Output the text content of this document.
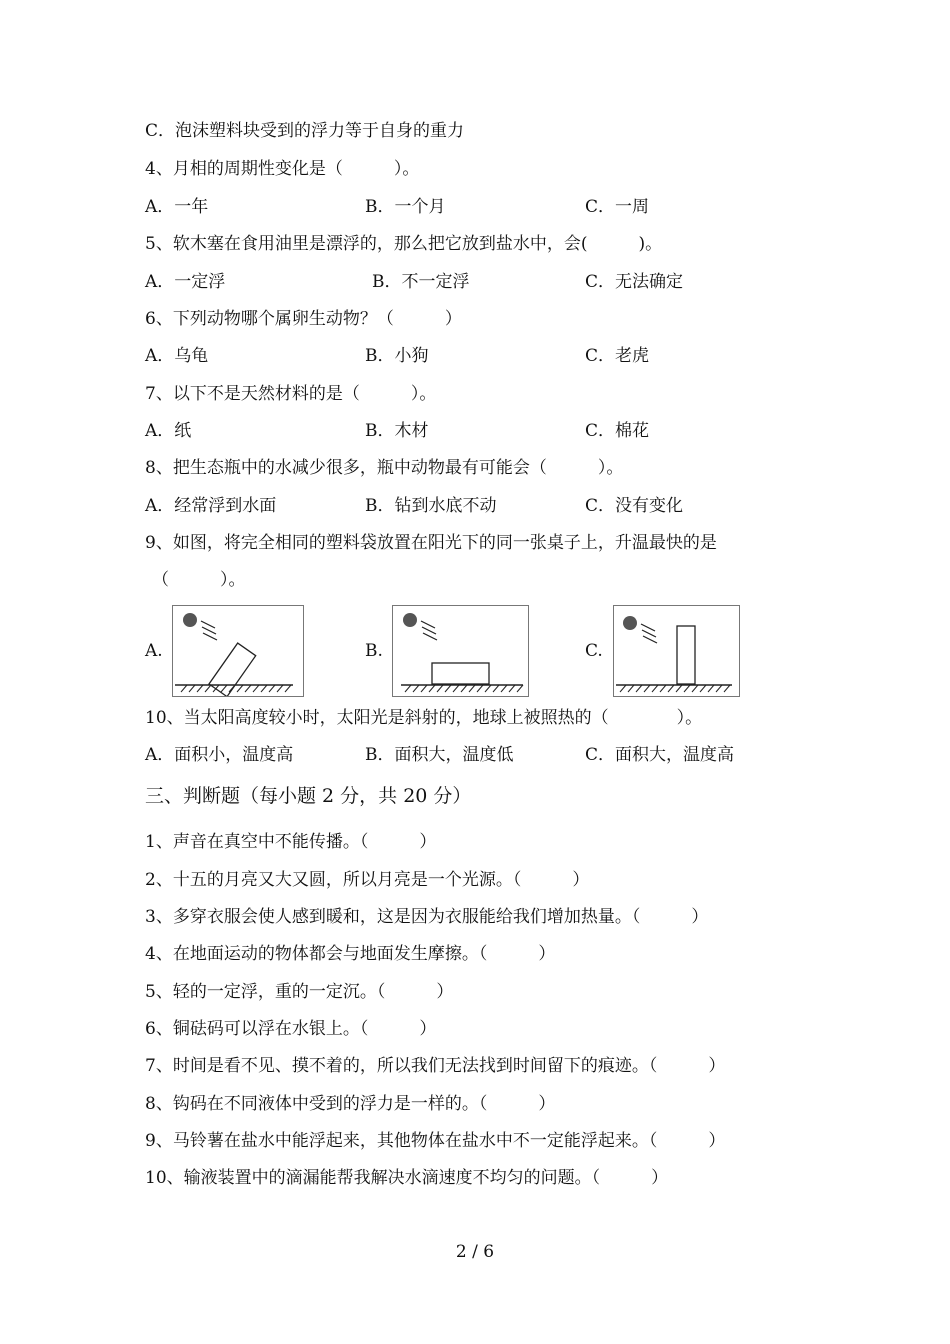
C．泡沫塑料块受到的浮力等于自身的重力
4、月相的周期性变化是（　　　）。
A．一年	B．一个月	C．一周
5、软木塞在食用油里是漂浮的，那么把它放到盐水中，会(　　　)。
A．一定浮	B．不一定浮	C．无法确定
6、下列动物哪个属卵生动物？（　　　）
A．乌龟	B．小狗	C．老虎
7、以下不是天然材料的是（　　　）。
A．纸	B．木材	C．棉花
8、把生态瓶中的水减少很多，瓶中动物最有可能会（　　　）。
A．经常浮到水面	B．钻到水底不动	C．没有变化
9、如图，将完全相同的塑料袋放置在阳光下的同一张桌子上，升温最快的是
（　　　）。
A.	B.	C.
10、当太阳高度较小时，太阳光是斜射的，地球上被照热的（　　　　）。
A．面积小，温度高	B．面积大，温度低	C．面积大，温度高
三、判断题（每小题 2 分，共 20 分）
1、声音在真空中不能传播。（　　　）
2、十五的月亮又大又圆，所以月亮是一个光源。（　　　）
3、多穿衣服会使人感到暖和，这是因为衣服能给我们增加热量。（　　　）
4、在地面运动的物体都会与地面发生摩擦。（　　　）
5、轻的一定浮，重的一定沉。（　　　）
6、铜砝码可以浮在水银上。（　　　）
7、时间是看不见、摸不着的，所以我们无法找到时间留下的痕迹。（　　　）
8、钩码在不同液体中受到的浮力是一样的。（　　　）
9、马铃薯在盐水中能浮起来，其他物体在盐水中不一定能浮起来。（　　　）
10、输液装置中的滴漏能帮我解决水滴速度不均匀的问题。（　　　）
2 / 6
